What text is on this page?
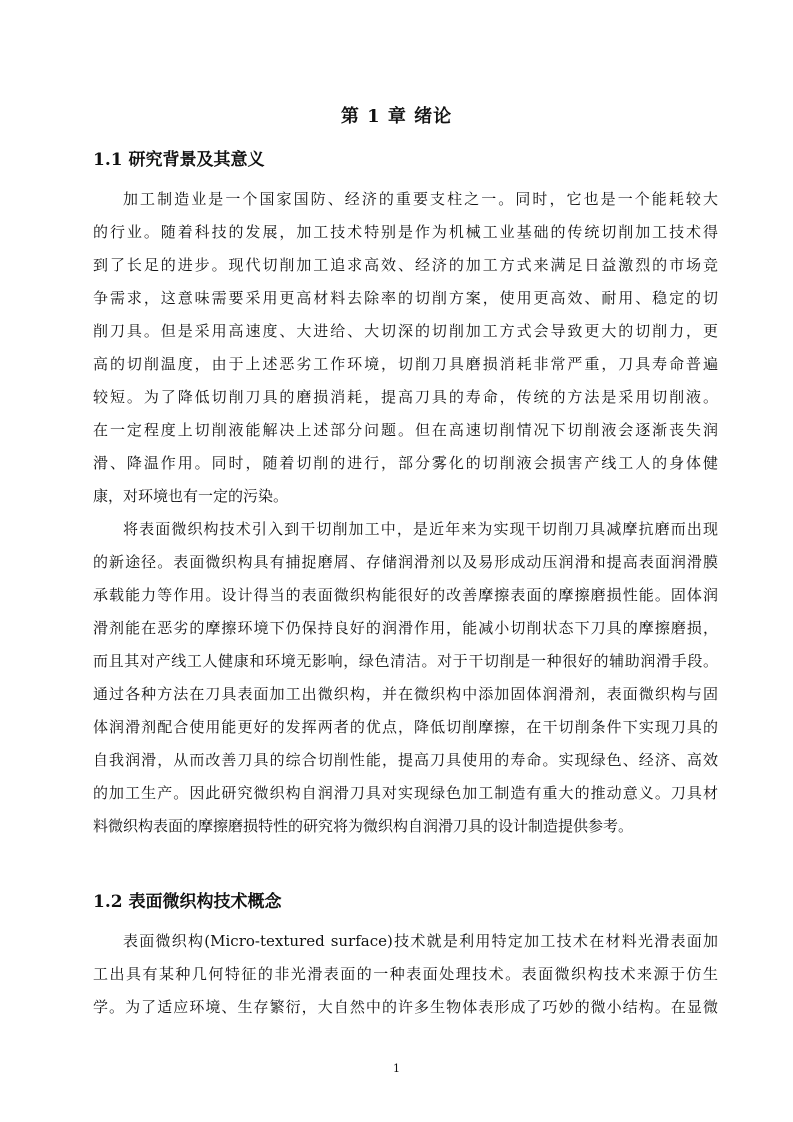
第 1 章 绪论
1.1 研究背景及其意义
加工制造业是一个国家国防、经济的重要支柱之一。同时，它也是一个能耗较大
的行业。随着科技的发展，加工技术特别是作为机械工业基础的传统切削加工技术得
到了长足的进步。现代切削加工追求高效、经济的加工方式来满足日益激烈的市场竞
争需求，这意味需要采用更高材料去除率的切削方案，使用更高效、耐用、稳定的切
削刀具。但是采用高速度、大进给、大切深的切削加工方式会导致更大的切削力，更
高的切削温度，由于上述恶劣工作环境，切削刀具磨损消耗非常严重，刀具寿命普遍
较短。为了降低切削刀具的磨损消耗，提高刀具的寿命，传统的方法是采用切削液。
在一定程度上切削液能解决上述部分问题。但在高速切削情况下切削液会逐渐丧失润
滑、降温作用。同时，随着切削的进行，部分雾化的切削液会损害产线工人的身体健
康，对环境也有一定的污染。
将表面微织构技术引入到干切削加工中，是近年来为实现干切削刀具减摩抗磨而出现
的新途径。表面微织构具有捕捉磨屑、存储润滑剂以及易形成动压润滑和提高表面润滑膜
承载能力等作用。设计得当的表面微织构能很好的改善摩擦表面的摩擦磨损性能。固体润
滑剂能在恶劣的摩擦环境下仍保持良好的润滑作用，能减小切削状态下刀具的摩擦磨损，
而且其对产线工人健康和环境无影响，绿色清洁。对于干切削是一种很好的辅助润滑手段。
通过各种方法在刀具表面加工出微织构，并在微织构中添加固体润滑剂，表面微织构与固
体润滑剂配合使用能更好的发挥两者的优点，降低切削摩擦，在干切削条件下实现刀具的
自我润滑，从而改善刀具的综合切削性能，提高刀具使用的寿命。实现绿色、经济、高效
的加工生产。因此研究微织构自润滑刀具对实现绿色加工制造有重大的推动意义。刀具材
料微织构表面的摩擦磨损特性的研究将为微织构自润滑刀具的设计制造提供参考。
1.2 表面微织构技术概念
表面微织构(Micro-textured surface)技术就是利用特定加工技术在材料光滑表面加
工出具有某种几何特征的非光滑表面的一种表面处理技术。表面微织构技术来源于仿生
学。为了适应环境、生存繁衍，大自然中的许多生物体表形成了巧妙的微小结构。在显微
1
